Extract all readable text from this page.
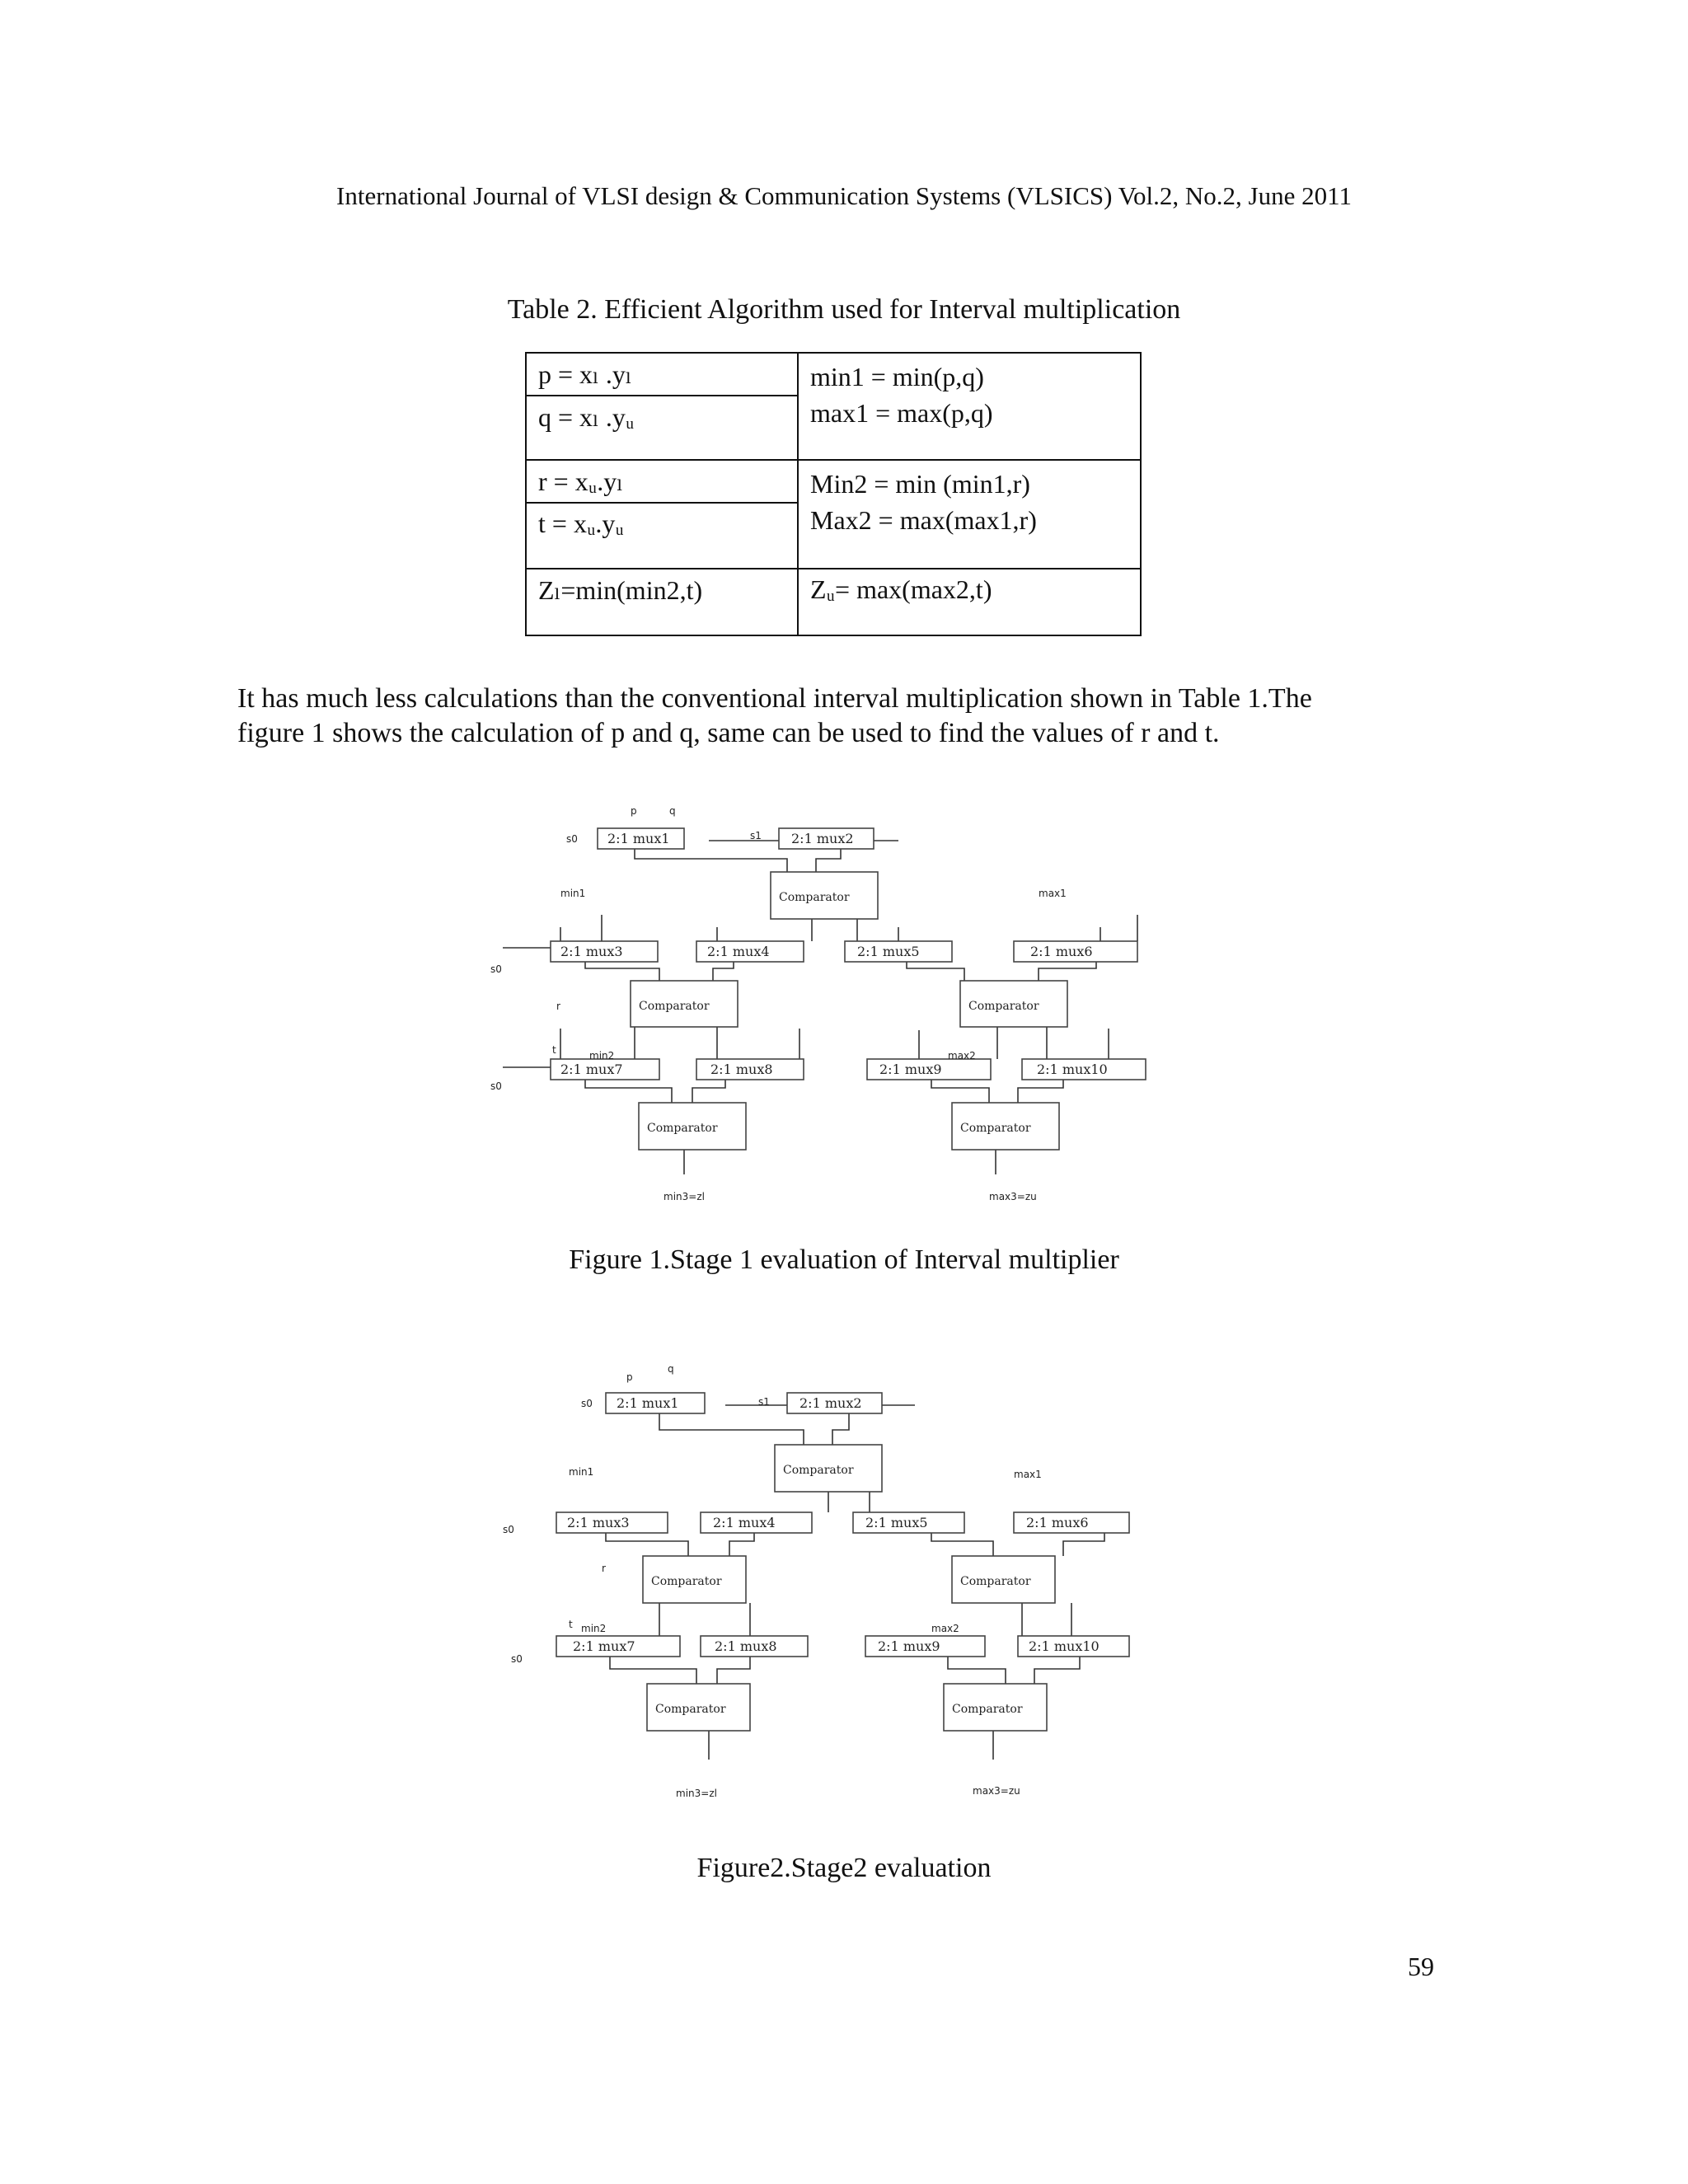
International Journal of VLSI design & Communication Systems (VLSICS) Vol.2, No.2, June 2011
Table 2. Efficient Algorithm used for Interval multiplication
p = xₗ .yₗ	min1 = min(p,q)
max1 = max(p,q)

q = xₗ .yᵤ	
r = xᵤ.yₗ	Min2 = min (min1,r)
Max2 = max(max1,r)

t = xᵤ.yᵤ	
Zₗ=min(min2,t)	Zᵤ= max(max2,t)
It has much less calculations than the conventional interval multiplication shown in Table 1.The
figure 1 shows the calculation of p and q, same can be used to find the values of r and t.
2:1 mux1	2:1 mux2
Comparator
2:1 mux3	2:1 mux4	2:1 mux5	2:1 mux6
Comparator	Comparator
2:1 mux7	2:1 mux8	2:1 mux9	2:1 mux10
Comparator	Comparator
p	q
s0	s1
min1	max1
s0
min2	max2
s0
t
r
min3=zl	max3=zu
Figure 1.Stage 1 evaluation of Interval multiplier
2:1 mux1	2:1 mux2
Comparator
2:1 mux3	2:1 mux4	2:1 mux5	2:1 mux6
Comparator	Comparator
2:1 mux7	2:1 mux8	2:1 mux9	2:1 mux10
Comparator	Comparator
p
q
s0	s1
min1	max1
s0
min2	max2
s0
t
r
min3=zl	max3=zu
Figure2.Stage2 evaluation
59
